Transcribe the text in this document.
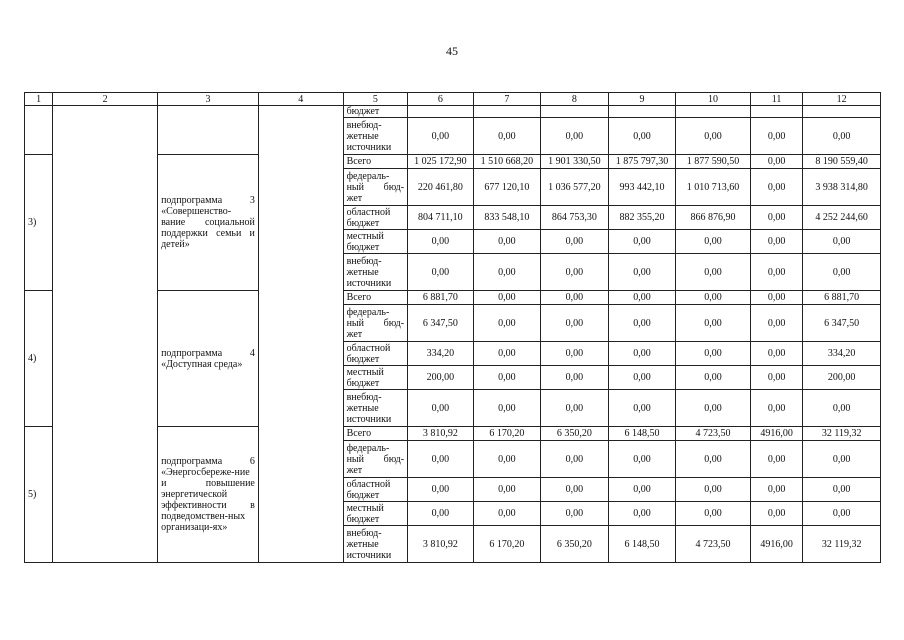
45
1	2	3	4	5	6	7	8	9	10	11	12
				бюджет							

				внебюд-
жетные
источники	0,00	0,00	0,00	0,00	0,00	0,00	0,00
3)		подпрограмма 3 «Совершенство-вание социальной поддержки семьи и детей»		Всего	1 025 172,90	1 510 668,20	1 901 330,50	1 875 797,30	1 877 590,50	0,00	8 190 559,40

				федераль-
ный бюд-
жет	220 461,80	677 120,10	1 036 577,20	993 442,10	1 010 713,60	0,00	3 938 314,80

				областной
бюджет	804 711,10	833 548,10	864 753,30	882 355,20	866 876,90	0,00	4 252 244,60

				местный
бюджет	0,00	0,00	0,00	0,00	0,00	0,00	0,00

				внебюд-
жетные
источники	0,00	0,00	0,00	0,00	0,00	0,00	0,00
4)		подпрограмма 4 «Доступная среда»		Всего	6 881,70	0,00	0,00	0,00	0,00	0,00	6 881,70

				федераль-
ный бюд-
жет	6 347,50	0,00	0,00	0,00	0,00	0,00	6 347,50

				областной
бюджет	334,20	0,00	0,00	0,00	0,00	0,00	334,20

				местный
бюджет	200,00	0,00	0,00	0,00	0,00	0,00	200,00

				внебюд-
жетные
источники	0,00	0,00	0,00	0,00	0,00	0,00	0,00
5)		подпрограмма 6 «Энергосбереже-ние и повышение энергетической эффективности в подведомствен-ных организаци-ях»		Всего	3 810,92	6 170,20	6 350,20	6 148,50	4 723,50	4916,00	32 119,32

				федераль-
ный бюд-
жет	0,00	0,00	0,00	0,00	0,00	0,00	0,00

				областной
бюджет	0,00	0,00	0,00	0,00	0,00	0,00	0,00

				местный
бюджет	0,00	0,00	0,00	0,00	0,00	0,00	0,00

				внебюд-
жетные
источники	3 810,92	6 170,20	6 350,20	6 148,50	4 723,50	4916,00	32 119,32
